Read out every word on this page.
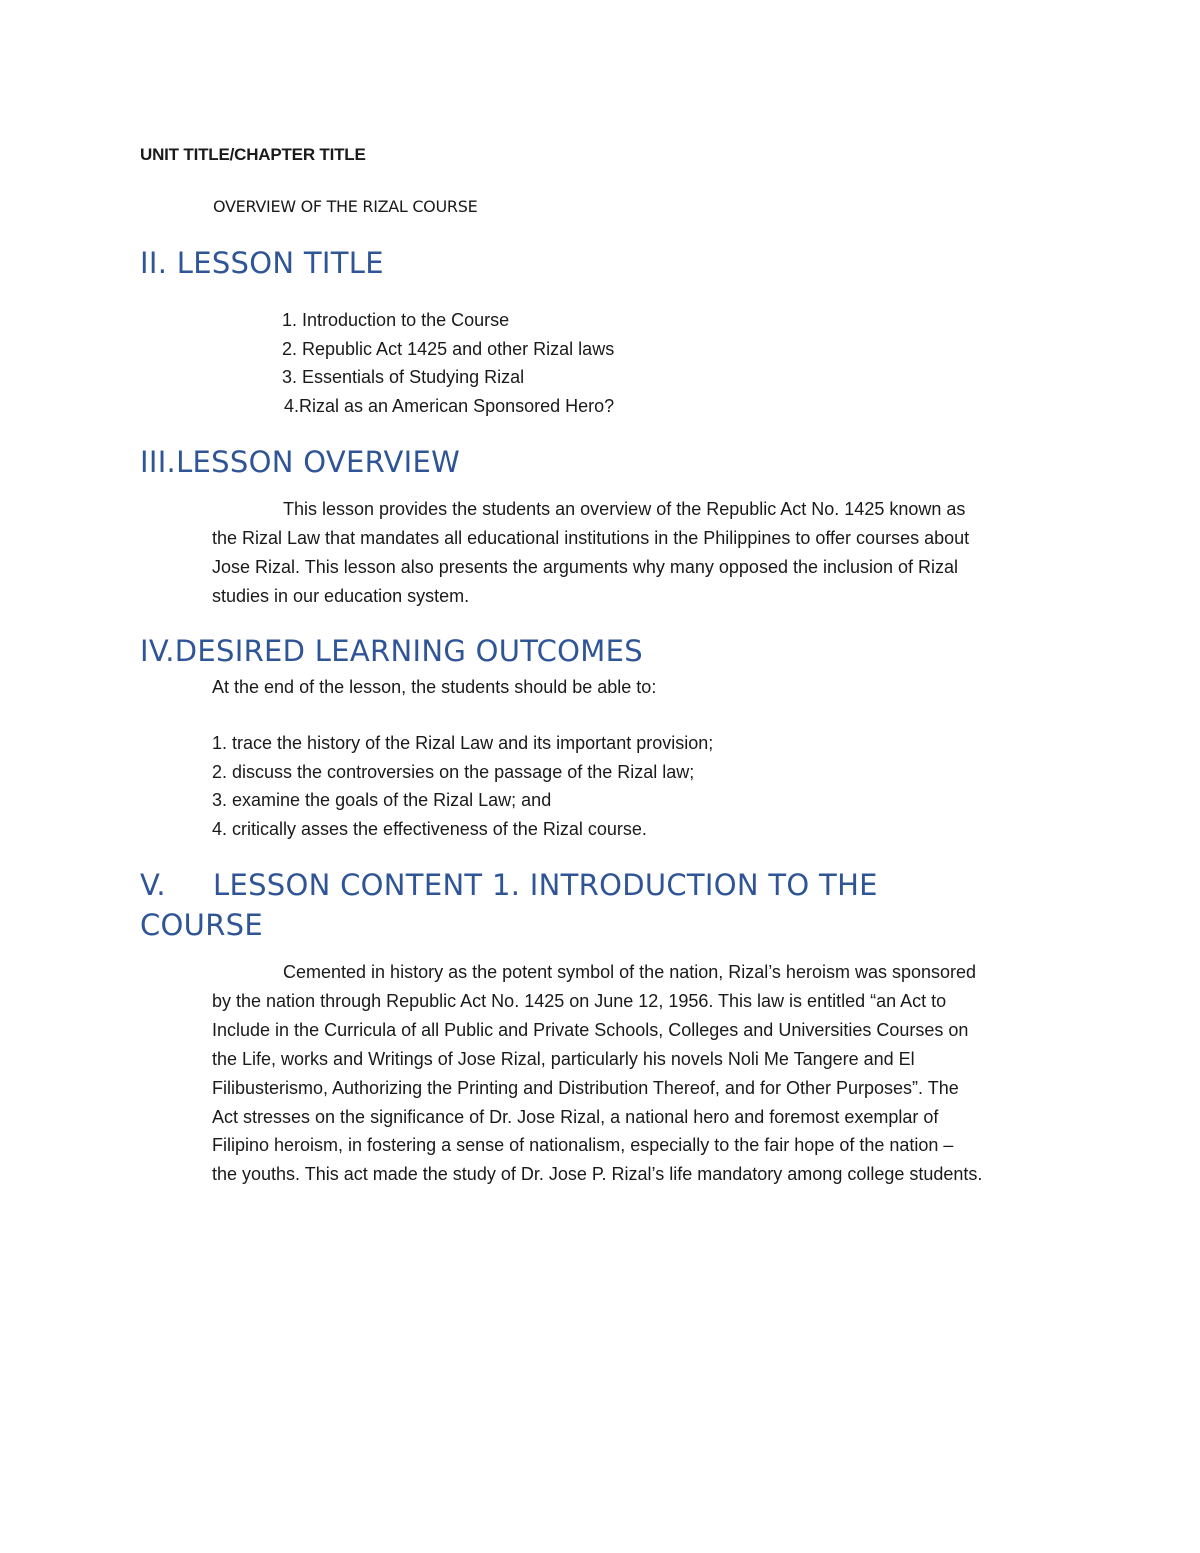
UNIT TITLE/CHAPTER TITLE
OVERVIEW OF THE RIZAL COURSE
II. LESSON TITLE
1. Introduction to the Course
2. Republic Act 1425 and other Rizal laws
3. Essentials of Studying Rizal
4.Rizal as an American Sponsored Hero?
III.LESSON OVERVIEW
This lesson provides the students an overview of the Republic Act No. 1425 known as
the Rizal Law that mandates all educational institutions in the Philippines to offer courses about
Jose Rizal. This lesson also presents the arguments why many opposed the inclusion of Rizal
studies in our education system.
IV.DESIRED LEARNING OUTCOMES
At the end of the lesson, the students should be able to:
1. trace the history of the Rizal Law and its important provision;
2. discuss the controversies on the passage of the Rizal law;
3. examine the goals of the Rizal Law; and
4. critically asses the effectiveness of the Rizal course.
V. LESSON CONTENT 1. INTRODUCTION TO THE
COURSE
Cemented in history as the potent symbol of the nation, Rizal’s heroism was sponsored
by the nation through Republic Act No. 1425 on June 12, 1956. This law is entitled “an Act to
Include in the Curricula of all Public and Private Schools, Colleges and Universities Courses on
the Life, works and Writings of Jose Rizal, particularly his novels Noli Me Tangere and El
Filibusterismo, Authorizing the Printing and Distribution Thereof, and for Other Purposes”. The
Act stresses on the significance of Dr. Jose Rizal, a national hero and foremost exemplar of
Filipino heroism, in fostering a sense of nationalism, especially to the fair hope of the nation –
the youths. This act made the study of Dr. Jose P. Rizal’s life mandatory among college students.
